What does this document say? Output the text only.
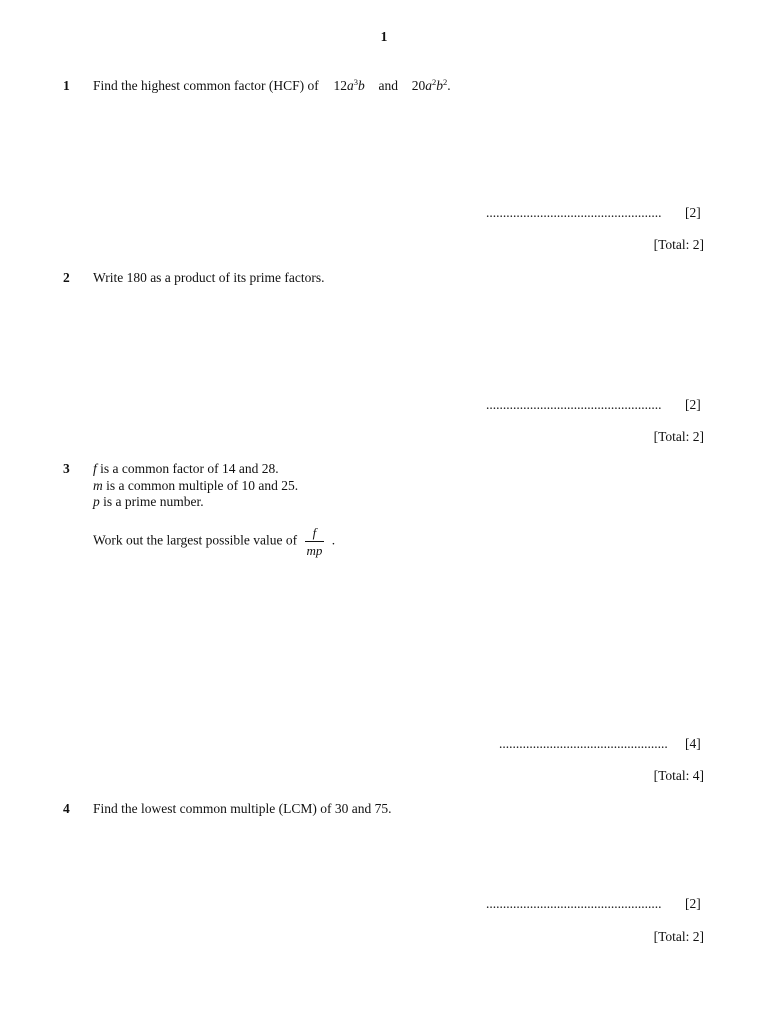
1
1 Find the highest common factor (HCF) of $12a^3b$ and $20a^2b^2$.
....................................................	[2]
[Total: 2]
2 Write 180 as a product of its prime factors.
....................................................	[2]
[Total: 2]
3 f is a common factor of 14 and 28.
m is a common multiple of 10 and 25.
p is a prime number.
Work out the largest possible value of $\frac{f}{mp}$ .
..................................................	[4]
[Total: 4]
4 Find the lowest common multiple (LCM) of 30 and 75.
....................................................	[2]
[Total: 2]
